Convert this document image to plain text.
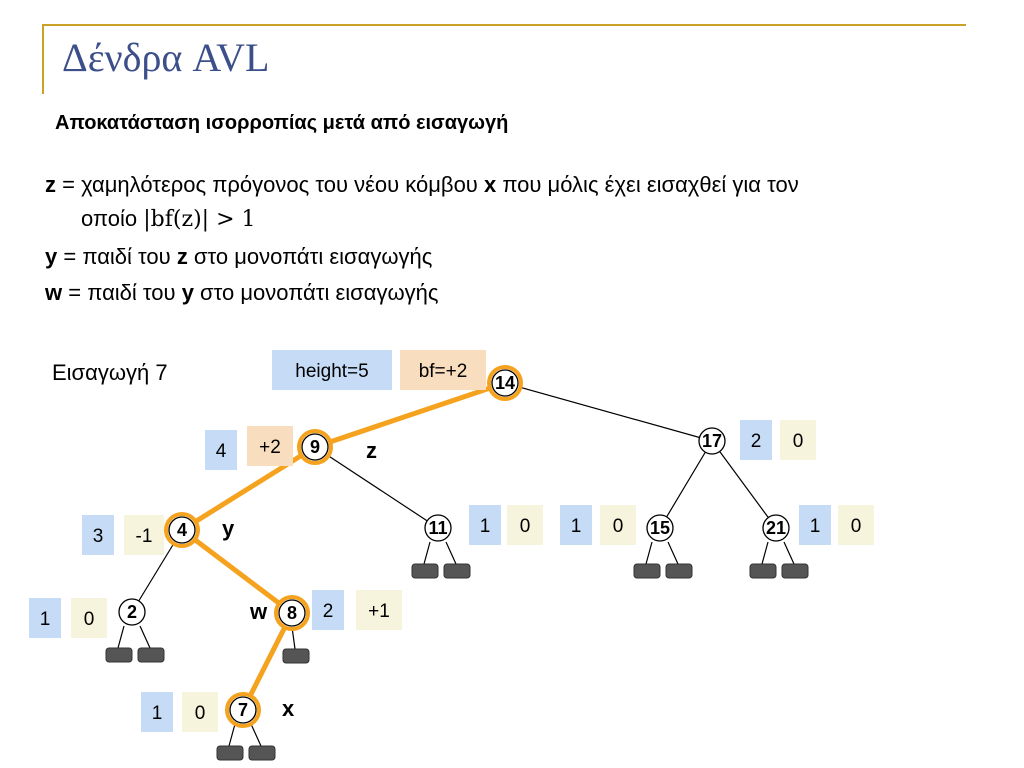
Δένδρα AVL
Αποκατάσταση ισορροπίας μετά από εισαγωγή
z = χαμηλότερος πρόγονος του νέου κόμβου x που μόλις έχει εισαχθεί για τον
οποίο |bf(z)| > 1
y = παιδί του z στο μονοπάτι εισαγωγής
w = παιδί του y στο μονοπάτι εισαγωγής
Εισαγωγή 7	height=5	bf=+2
4 +2	2 0
3 -1	1 0 1 0	1 0
1 0	2 +1
1 0
14
9 z	17
4 y	11	15	21
2	8
w
7 x
